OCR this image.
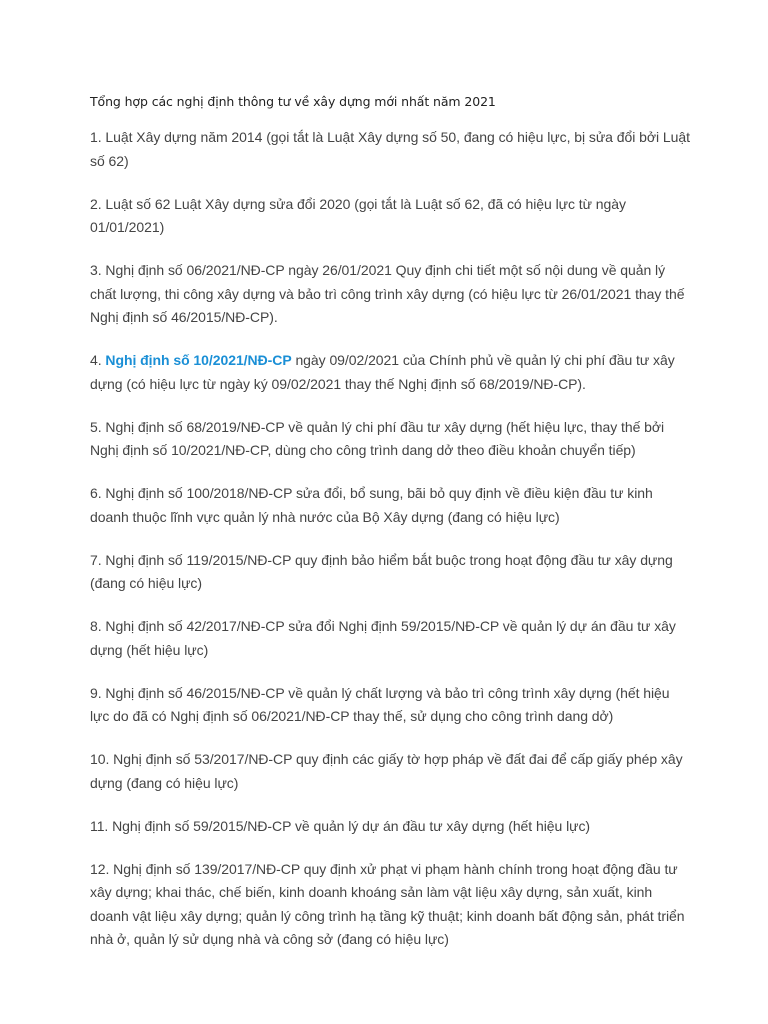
Tổng hợp các nghị định thông tư về xây dựng mới nhất năm 2021
1. Luật Xây dựng năm 2014 (gọi tắt là Luật Xây dựng số 50, đang có hiệu lực, bị sửa đổi bởi Luật số 62)
2. Luật số 62 Luật Xây dựng sửa đổi 2020 (gọi tắt là Luật số 62, đã có hiệu lực từ ngày 01/01/2021)
3. Nghị định số 06/2021/NĐ-CP ngày 26/01/2021 Quy định chi tiết một số nội dung về quản lý chất lượng, thi công xây dựng và bảo trì công trình xây dựng (có hiệu lực từ 26/01/2021 thay thế Nghị định số 46/2015/NĐ-CP).
4. Nghị định số 10/2021/NĐ-CP ngày 09/02/2021 của Chính phủ về quản lý chi phí đầu tư xây dựng (có hiệu lực từ ngày ký 09/02/2021 thay thế Nghị định số 68/2019/NĐ-CP).
5. Nghị định số 68/2019/NĐ-CP về quản lý chi phí đầu tư xây dựng (hết hiệu lực, thay thế bởi Nghị định số 10/2021/NĐ-CP, dùng cho công trình dang dở theo điều khoản chuyển tiếp)
6. Nghị định số 100/2018/NĐ-CP sửa đổi, bổ sung, bãi bỏ quy định về điều kiện đầu tư kinh doanh thuộc lĩnh vực quản lý nhà nước của Bộ Xây dựng (đang có hiệu lực)
7. Nghị định số 119/2015/NĐ-CP quy định bảo hiểm bắt buộc trong hoạt động đầu tư xây dựng (đang có hiệu lực)
8. Nghị định số 42/2017/NĐ-CP sửa đổi Nghị định 59/2015/NĐ-CP về quản lý dự án đầu tư xây dựng (hết hiệu lực)
9. Nghị định số 46/2015/NĐ-CP về quản lý chất lượng và bảo trì công trình xây dựng (hết hiệu lực do đã có Nghị định số 06/2021/NĐ-CP thay thế, sử dụng cho công trình dang dở)
10. Nghị định số 53/2017/NĐ-CP quy định các giấy tờ hợp pháp về đất đai để cấp giấy phép xây dựng (đang có hiệu lực)
11. Nghị định số 59/2015/NĐ-CP về quản lý dự án đầu tư xây dựng (hết hiệu lực)
12. Nghị định số 139/2017/NĐ-CP quy định xử phạt vi phạm hành chính trong hoạt động đầu tư xây dựng; khai thác, chế biến, kinh doanh khoáng sản làm vật liệu xây dựng, sản xuất, kinh doanh vật liệu xây dựng; quản lý công trình hạ tầng kỹ thuật; kinh doanh bất động sản, phát triển nhà ở, quản lý sử dụng nhà và công sở (đang có hiệu lực)
